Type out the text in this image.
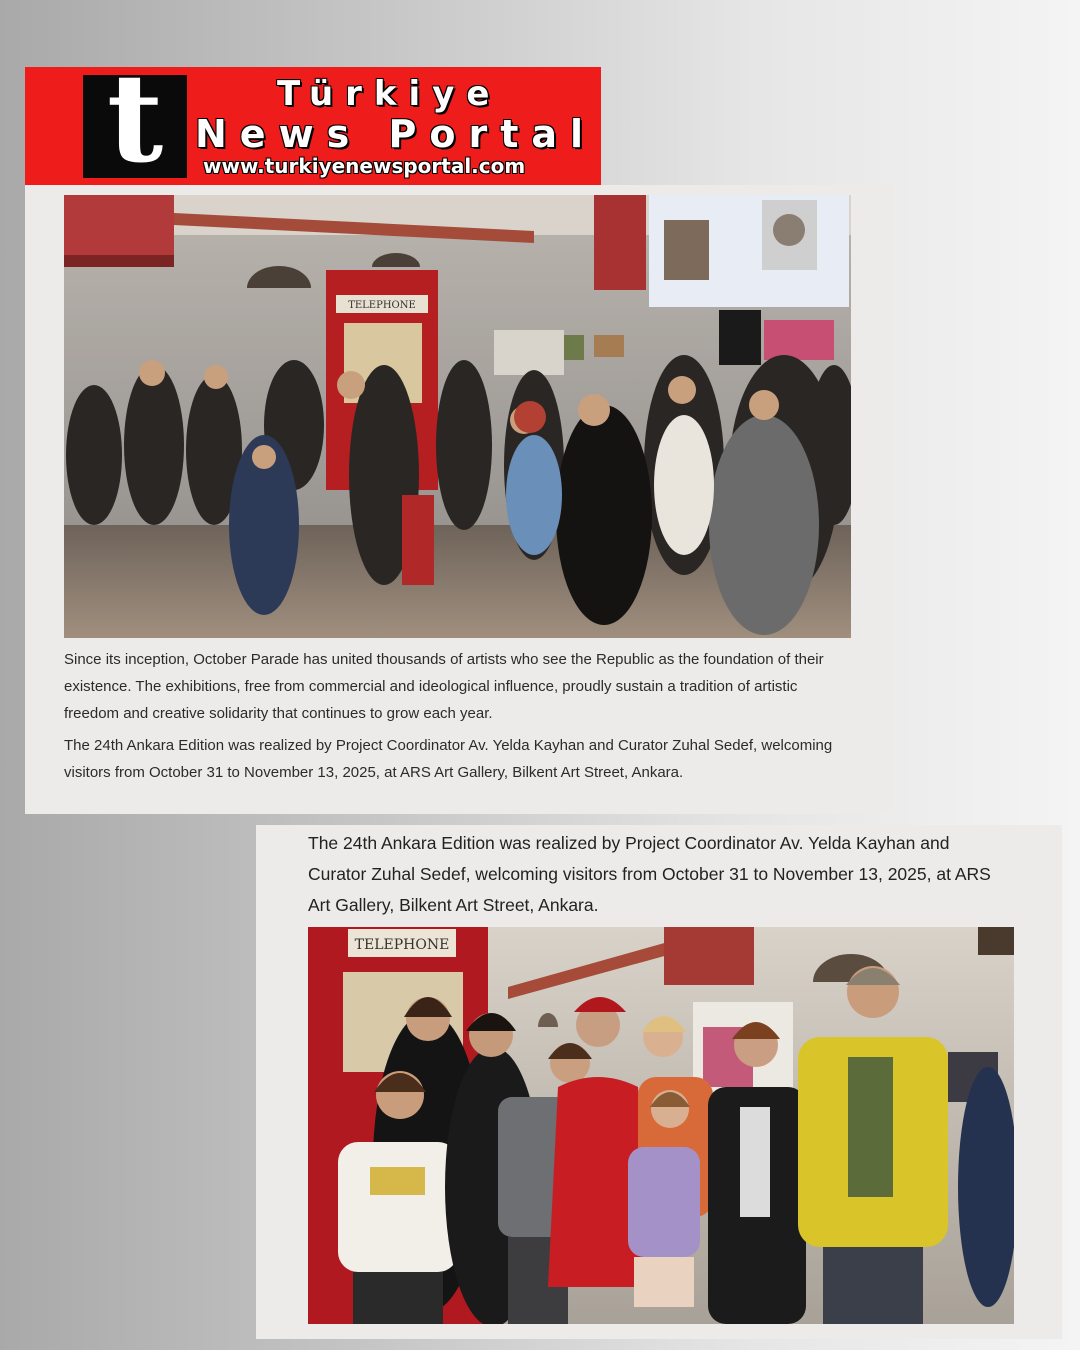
t	Türkiye
News Portal
www.turkiyenewsportal.com
TELEPHONE

Since its inception, October Parade has united thousands of artists who see the Republic as the foundation of their existence. The exhibitions, free from commercial and ideological influence, proudly sustain a tradition of artistic freedom and creative solidarity that continues to grow each year.

The 24th Ankara Edition was realized by Project Coordinator Av. Yelda Kayhan and Curator Zuhal Sedef, welcoming visitors from October 31 to November 13, 2025, at ARS Art Gallery, Bilkent Art Street, Ankara.

The 24th Ankara Edition was realized by Project Coordinator Av. Yelda Kayhan and Curator Zuhal Sedef, welcoming visitors from October 31 to November 13, 2025, at ARS Art Gallery, Bilkent Art Street, Ankara.

TELEPHONE
